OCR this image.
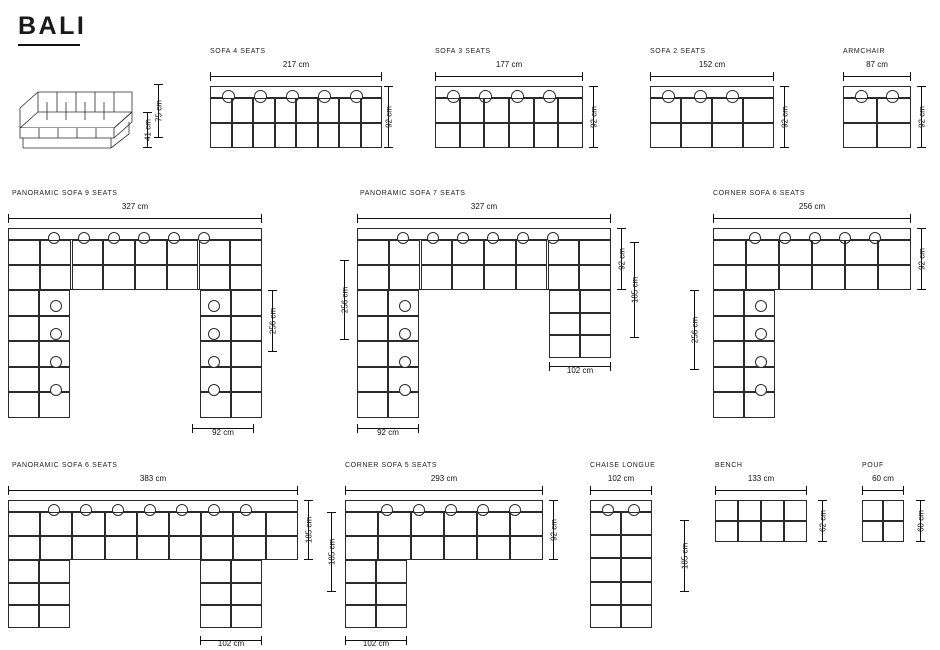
BALI
75 cm
41 cm
SOFA 4 SEATS
217 cm
92 cm
SOFA 3 SEATS
177 cm
92 cm
SOFA 2 SEATS
152 cm
92 cm
ARMCHAIR
87 cm
92 cm
PANORAMIC SOFA 9 SEATS
327 cm
256 cm
92 cm
PANORAMIC SOFA 7 SEATS
327 cm
92 cm
185 cm
256 cm
102 cm
92 cm
CORNER SOFA 6 SEATS
256 cm
92 cm
256 cm
PANORAMIC SOFA 6 SEATS
383 cm
185 cm
102 cm
CORNER SOFA 5 SEATS
293 cm
92 cm
185 cm
102 cm
CHAISE LONGUE
102 cm
185 cm
BENCH
133 cm
62 cm
POUF
60 cm
60 cm
